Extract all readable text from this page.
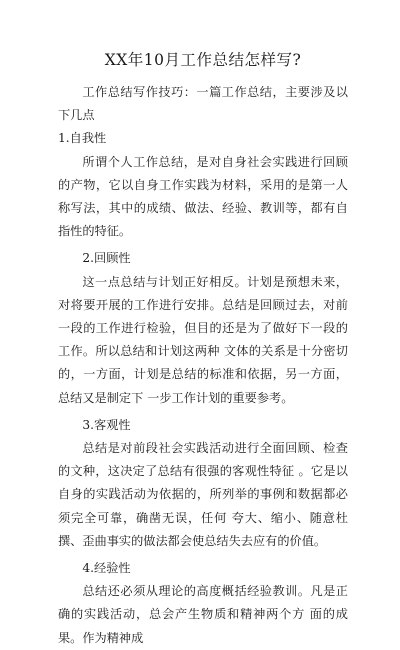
XX年10月工作总结怎样写?

工作总结写作技巧：一篇工作总结，主要涉及以下几点

1.自我性

所谓个人工作总结，是对自身社会实践进行回顾的产物，它以自身工作实践为材料，采用的是第一人称写法，其中的成绩、做法、经验、教训等，都有自指性的特征。

2.回顾性

这一点总结与计划正好相反。计划是预想未来，对将要开展的工作进行安排。总结是回顾过去，对前一段的工作进行检验，但目的还是为了做好下一段的工作。所以总结和计划这两种 文体的关系是十分密切的，一方面，计划是总结的标准和依据，另一方面，总结又是制定下 一步工作计划的重要参考。

3.客观性

总结是对前段社会实践活动进行全面回顾、检查的文种，这决定了总结有很强的客观性特征 。它是以自身的实践活动为依据的，所列举的事例和数据都必须完全可靠，确凿无误，任何 夸大、缩小、随意杜撰、歪曲事实的做法都会使总结失去应有的价值。

4.经验性

总结还必须从理论的高度概括经验教训。凡是正确的实践活动，总会产生物质和精神两个方 面的成果。作为精神成
